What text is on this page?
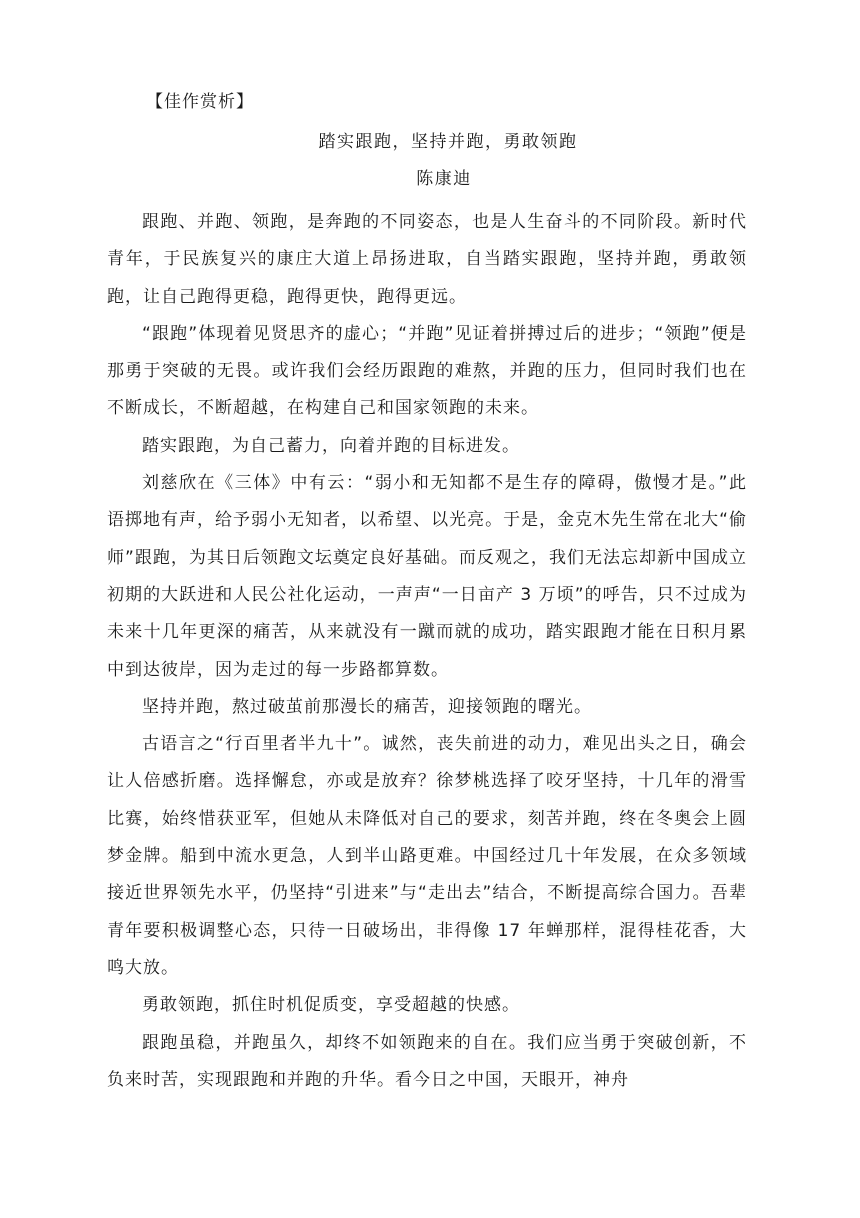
【佳作赏析】
踏实跟跑，坚持并跑，勇敢领跑
陈康迪

跟跑、并跑、领跑，是奔跑的不同姿态，也是人生奋斗的不同阶段。新时代青年，于民族复兴的康庄大道上昂扬进取，自当踏实跟跑，坚持并跑，勇敢领跑，让自己跑得更稳，跑得更快，跑得更远。

“跟跑”体现着见贤思齐的虚心；“并跑”见证着拼搏过后的进步；“领跑”便是那勇于突破的无畏。或许我们会经历跟跑的难熬，并跑的压力，但同时我们也在不断成长，不断超越，在构建自己和国家领跑的未来。

踏实跟跑，为自己蓄力，向着并跑的目标进发。

刘慈欣在《三体》中有云：“弱小和无知都不是生存的障碍，傲慢才是。”此语掷地有声，给予弱小无知者，以希望、以光亮。于是，金克木先生常在北大“偷师”跟跑，为其日后领跑文坛奠定良好基础。而反观之，我们无法忘却新中国成立初期的大跃进和人民公社化运动，一声声“一日亩产 3 万顷”的呼告，只不过成为未来十几年更深的痛苦，从来就没有一蹴而就的成功，踏实跟跑才能在日积月累中到达彼岸，因为走过的每一步路都算数。

坚持并跑，熬过破茧前那漫长的痛苦，迎接领跑的曙光。

古语言之“行百里者半九十”。诚然，丧失前进的动力，难见出头之日，确会让人倍感折磨。选择懈怠，亦或是放弃？徐梦桃选择了咬牙坚持，十几年的滑雪比赛，始终惜获亚军，但她从未降低对自己的要求，刻苦并跑，终在冬奥会上圆梦金牌。船到中流水更急，人到半山路更难。中国经过几十年发展，在众多领域接近世界领先水平，仍坚持“引进来”与“走出去”结合，不断提高综合国力。吾辈青年要积极调整心态，只待一日破场出，非得像 17 年蝉那样，混得桂花香，大鸣大放。

勇敢领跑，抓住时机促质变，享受超越的快感。

跟跑虽稳，并跑虽久，却终不如领跑来的自在。我们应当勇于突破创新，不负来时苦，实现跟跑和并跑的升华。看今日之中国，天眼开，神舟
